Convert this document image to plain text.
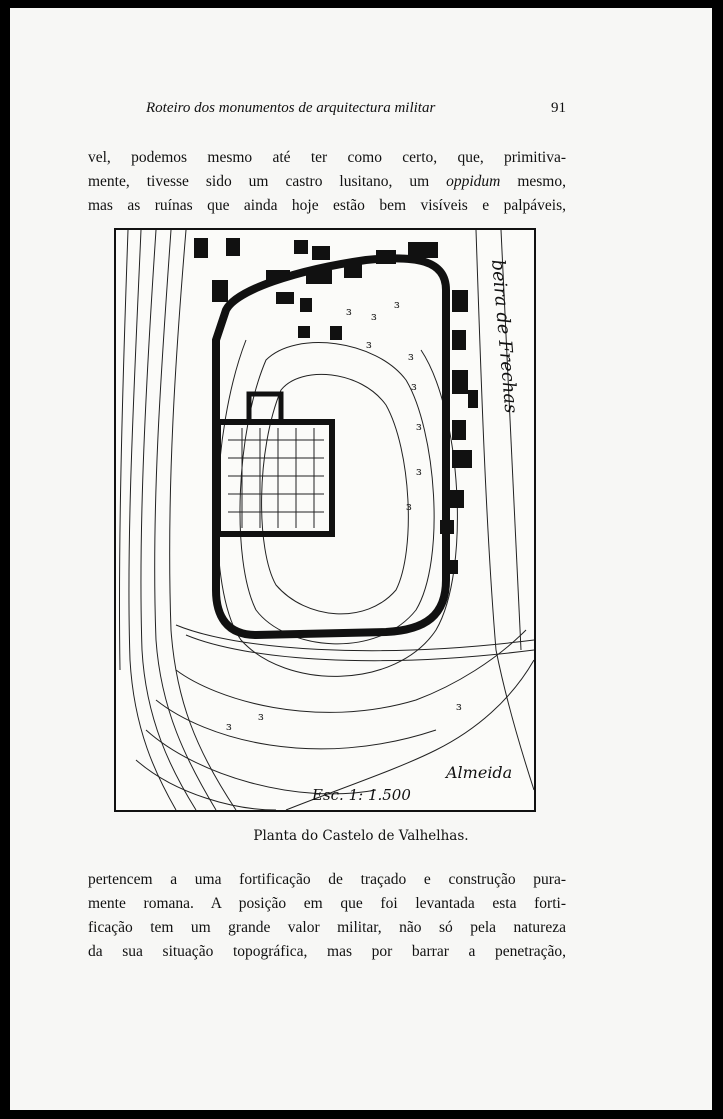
Roteiro dos monumentos de arquitectura militar	91
vel, podemos mesmo até ter como certo, que, primitiva-
mente, tivesse sido um castro lusitano, um oppidum mesmo,
mas as ruínas que ainda hoje estão bem visíveis e palpáveis,
ɜ ɜ
ɜ
ɜ
ɜ
ɜ
ɜ
ɜ
ɜ
ɜ
ɜ
ɜ
beira de Frechas
Esc. 1: 1.500
Almeida
Planta do Castelo de Valhelhas.
pertencem a uma fortificação de traçado e construção pura-
mente romana. A posição em que foi levantada esta forti-
ficação tem um grande valor militar, não só pela natureza
da sua situação topográfica, mas por barrar a penetração,
